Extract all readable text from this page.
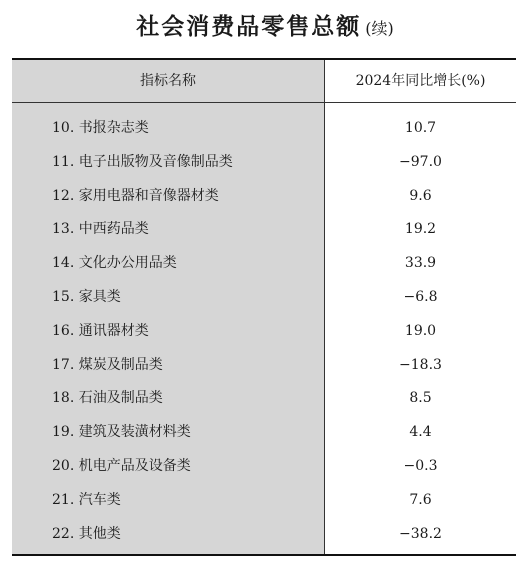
社会消费品零售总额 (续)
指标名称	2024年同比增长(%)
10. 书报杂志类	10.7
11. 电子出版物及音像制品类	−97.0
12. 家用电器和音像器材类	9.6
13. 中西药品类	19.2
14. 文化办公用品类	33.9
15. 家具类	−6.8
16. 通讯器材类	19.0
17. 煤炭及制品类	−18.3
18. 石油及制品类	8.5
19. 建筑及装潢材料类	4.4
20. 机电产品及设备类	−0.3
21. 汽车类	7.6
22. 其他类	−38.2
